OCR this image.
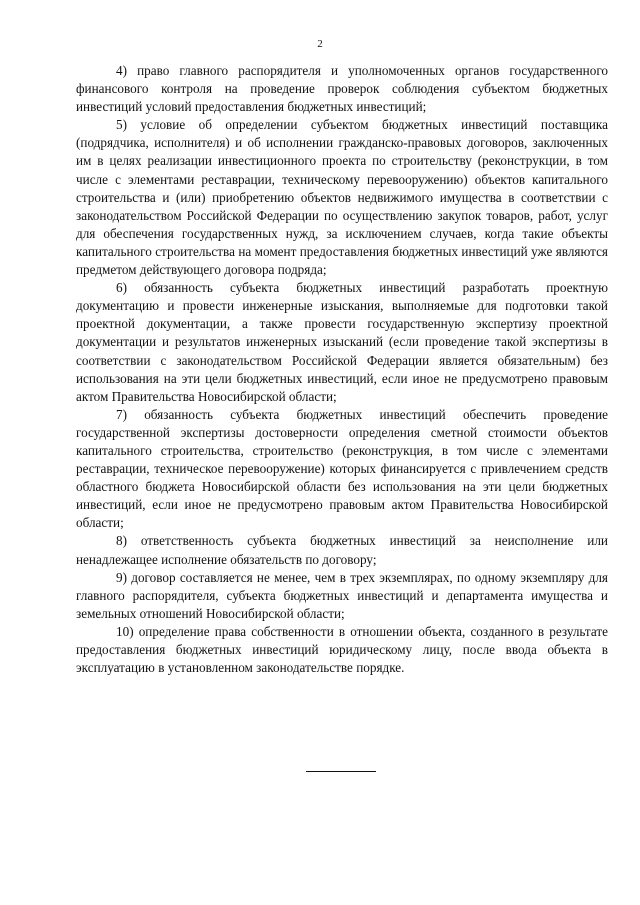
2

4) право главного распорядителя и уполномоченных органов государственного финансового контроля на проведение проверок соблюдения субъектом бюджетных инвестиций условий предоставления бюджетных инвестиций;

5) условие об определении субъектом бюджетных инвестиций поставщика (подрядчика, исполнителя) и об исполнении гражданско-правовых договоров, заключенных им в целях реализации инвестиционного проекта по строительству (реконструкции, в том числе с элементами реставрации, техническому перевооружению) объектов капитального строительства и (или) приобретению объектов недвижимого имущества в соответствии с законодательством Российской Федерации по осуществлению закупок товаров, работ, услуг для обеспечения государственных нужд, за исключением случаев, когда такие объекты капитального строительства на момент предоставления бюджетных инвестиций уже являются предметом действующего договора подряда;

6) обязанность субъекта бюджетных инвестиций разработать проектную документацию и провести инженерные изыскания, выполняемые для подготовки такой проектной документации, а также провести государственную экспертизу проектной документации и результатов инженерных изысканий (если проведение такой экспертизы в соответствии с законодательством Российской Федерации является обязательным) без использования на эти цели бюджетных инвестиций, если иное не предусмотрено правовым актом Правительства Новосибирской области;

7) обязанность субъекта бюджетных инвестиций обеспечить проведение государственной экспертизы достоверности определения сметной стоимости объектов капитального строительства, строительство (реконструкция, в том числе с элементами реставрации, техническое перевооружение) которых финансируется с привлечением средств областного бюджета Новосибирской области без использования на эти цели бюджетных инвестиций, если иное не предусмотрено правовым актом Правительства Новосибирской области;

8) ответственность субъекта бюджетных инвестиций за неисполнение или ненадлежащее исполнение обязательств по договору;

9) договор составляется не менее, чем в трех экземплярах, по одному экземпляру для главного распорядителя, субъекта бюджетных инвестиций и департамента имущества и земельных отношений Новосибирской области;

10) определение права собственности в отношении объекта, созданного в результате предоставления бюджетных инвестиций юридическому лицу, после ввода объекта в эксплуатацию в установленном законодательстве порядке.
